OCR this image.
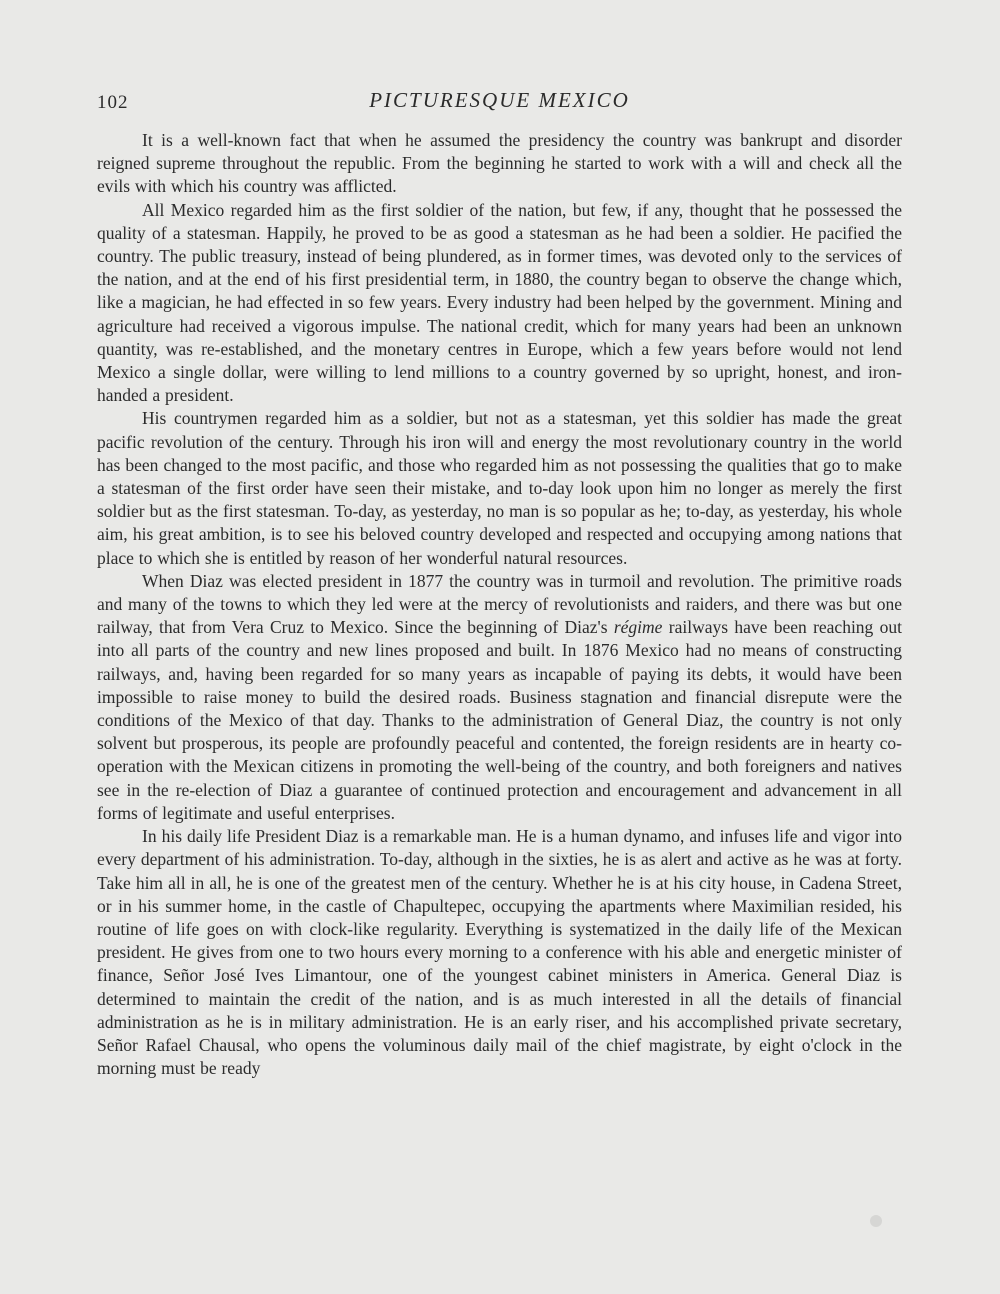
102	PICTURESQUE MEXICO

It is a well-known fact that when he assumed the presidency the country was bankrupt and disorder reigned supreme throughout the republic. From the beginning he started to work with a will and check all the evils with which his country was afflicted.

All Mexico regarded him as the first soldier of the nation, but few, if any, thought that he possessed the quality of a statesman. Happily, he proved to be as good a statesman as he had been a soldier. He pacified the country. The public treasury, instead of being plundered, as in former times, was devoted only to the services of the nation, and at the end of his first presidential term, in 1880, the country began to observe the change which, like a magician, he had effected in so few years. Every industry had been helped by the government. Mining and agriculture had received a vigorous impulse. The national credit, which for many years had been an unknown quantity, was re-established, and the monetary centres in Europe, which a few years before would not lend Mexico a single dollar, were willing to lend millions to a country governed by so upright, honest, and iron-handed a president.

His countrymen regarded him as a soldier, but not as a statesman, yet this soldier has made the great pacific revolution of the century. Through his iron will and energy the most revolutionary country in the world has been changed to the most pacific, and those who regarded him as not possessing the qualities that go to make a statesman of the first order have seen their mistake, and to-day look upon him no longer as merely the first soldier but as the first statesman. To-day, as yesterday, no man is so popular as he; to-day, as yesterday, his whole aim, his great ambition, is to see his beloved country developed and respected and occupying among nations that place to which she is entitled by reason of her wonderful natural resources.

When Diaz was elected president in 1877 the country was in turmoil and revolution. The primitive roads and many of the towns to which they led were at the mercy of revolutionists and raiders, and there was but one railway, that from Vera Cruz to Mexico. Since the beginning of Diaz's régime railways have been reaching out into all parts of the country and new lines proposed and built. In 1876 Mexico had no means of constructing railways, and, having been regarded for so many years as incapable of paying its debts, it would have been impossible to raise money to build the desired roads. Business stagnation and financial disrepute were the conditions of the Mexico of that day. Thanks to the administration of General Diaz, the country is not only solvent but prosperous, its people are profoundly peaceful and contented, the foreign residents are in hearty co-operation with the Mexican citizens in promoting the well-being of the country, and both foreigners and natives see in the re-election of Diaz a guarantee of continued protection and encouragement and advancement in all forms of legitimate and useful enterprises.

In his daily life President Diaz is a remarkable man. He is a human dynamo, and infuses life and vigor into every department of his administration. To-day, although in the sixties, he is as alert and active as he was at forty. Take him all in all, he is one of the greatest men of the century. Whether he is at his city house, in Cadena Street, or in his summer home, in the castle of Chapultepec, occupying the apartments where Maximilian resided, his routine of life goes on with clock-like regularity. Everything is systematized in the daily life of the Mexican president. He gives from one to two hours every morning to a conference with his able and energetic minister of finance, Señor José Ives Limantour, one of the youngest cabinet ministers in America. General Diaz is determined to maintain the credit of the nation, and is as much interested in all the details of financial administration as he is in military administration. He is an early riser, and his accomplished private secretary, Señor Rafael Chausal, who opens the voluminous daily mail of the chief magistrate, by eight o'clock in the morning must be ready
